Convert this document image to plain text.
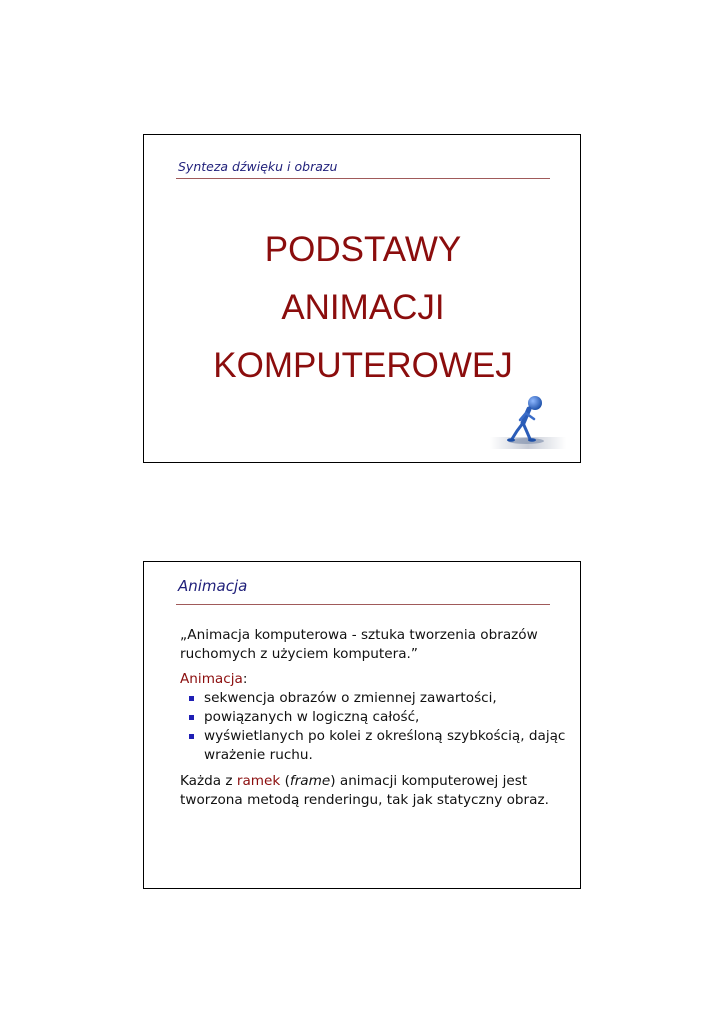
Synteza dźwięku i obrazu
PODSTAWY
ANIMACJI
KOMPUTEROWEJ
Animacja

„Animacja komputerowa - sztuka tworzenia obrazów ruchomych z użyciem komputera.”

Animacja:

sekwencja obrazów o zmiennej zawartości,
powiązanych w logiczną całość,
wyświetlanych po kolei z określoną szybkością, dając wrażenie ruchu.

Każda z ramek (frame) animacji komputerowej jest tworzona metodą renderingu, tak jak statyczny obraz.
